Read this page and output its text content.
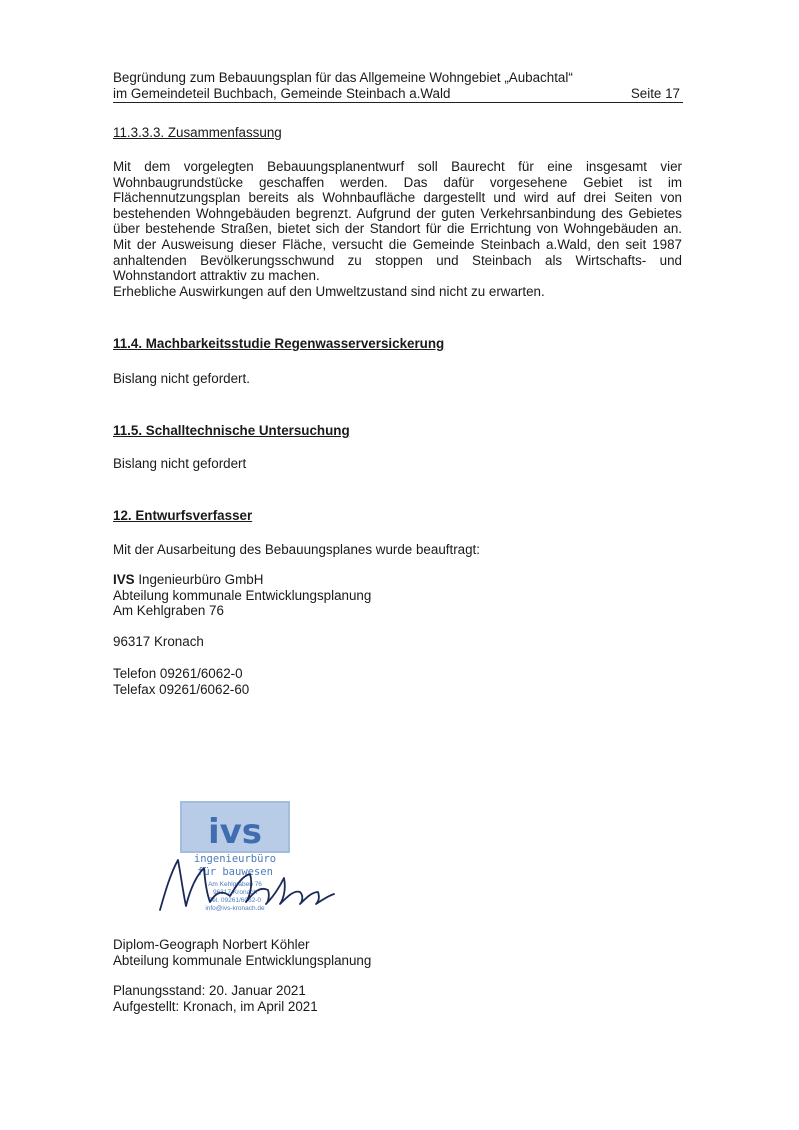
Begründung zum Bebauungsplan für das Allgemeine Wohngebiet „Aubachtal“
im Gemeindeteil Buchbach, Gemeinde Steinbach a.Wald	Seite 17
11.3.3.3. Zusammenfassung
Mit dem vorgelegten Bebauungsplanentwurf soll Baurecht für eine insgesamt vier
Wohnbaugrundstücke geschaffen werden. Das dafür vorgesehene Gebiet ist im
Flächennutzungsplan bereits als Wohnbaufläche dargestellt und wird auf drei Seiten von
bestehenden Wohngebäuden begrenzt. Aufgrund der guten Verkehrsanbindung des Gebietes
über bestehende Straßen, bietet sich der Standort für die Errichtung von Wohngebäuden an.
Mit der Ausweisung dieser Fläche, versucht die Gemeinde Steinbach a.Wald, den seit 1987
anhaltenden Bevölkerungsschwund zu stoppen und Steinbach als Wirtschafts- und
Wohnstandort attraktiv zu machen.
Erhebliche Auswirkungen auf den Umweltzustand sind nicht zu erwarten.
11.4. Machbarkeitsstudie Regenwasserversickerung
Bislang nicht gefordert.
11.5. Schalltechnische Untersuchung
Bislang nicht gefordert
12. Entwurfsverfasser
Mit der Ausarbeitung des Bebauungsplanes wurde beauftragt:
IVS Ingenieurbüro GmbH
Abteilung kommunale Entwicklungsplanung
Am Kehlgraben 76
96317 Kronach
Telefon 09261/6062-0
Telefax 09261/6062-60
ivs
ingenieurbüro
für bauwesen
Am Kehlgraben 76
96317 Kronach
Tel. 09261/6062-0
info@ivs-kronach.de
Diplom-Geograph Norbert Köhler
Abteilung kommunale Entwicklungsplanung
Planungsstand: 20. Januar 2021
Aufgestellt: Kronach, im April 2021
